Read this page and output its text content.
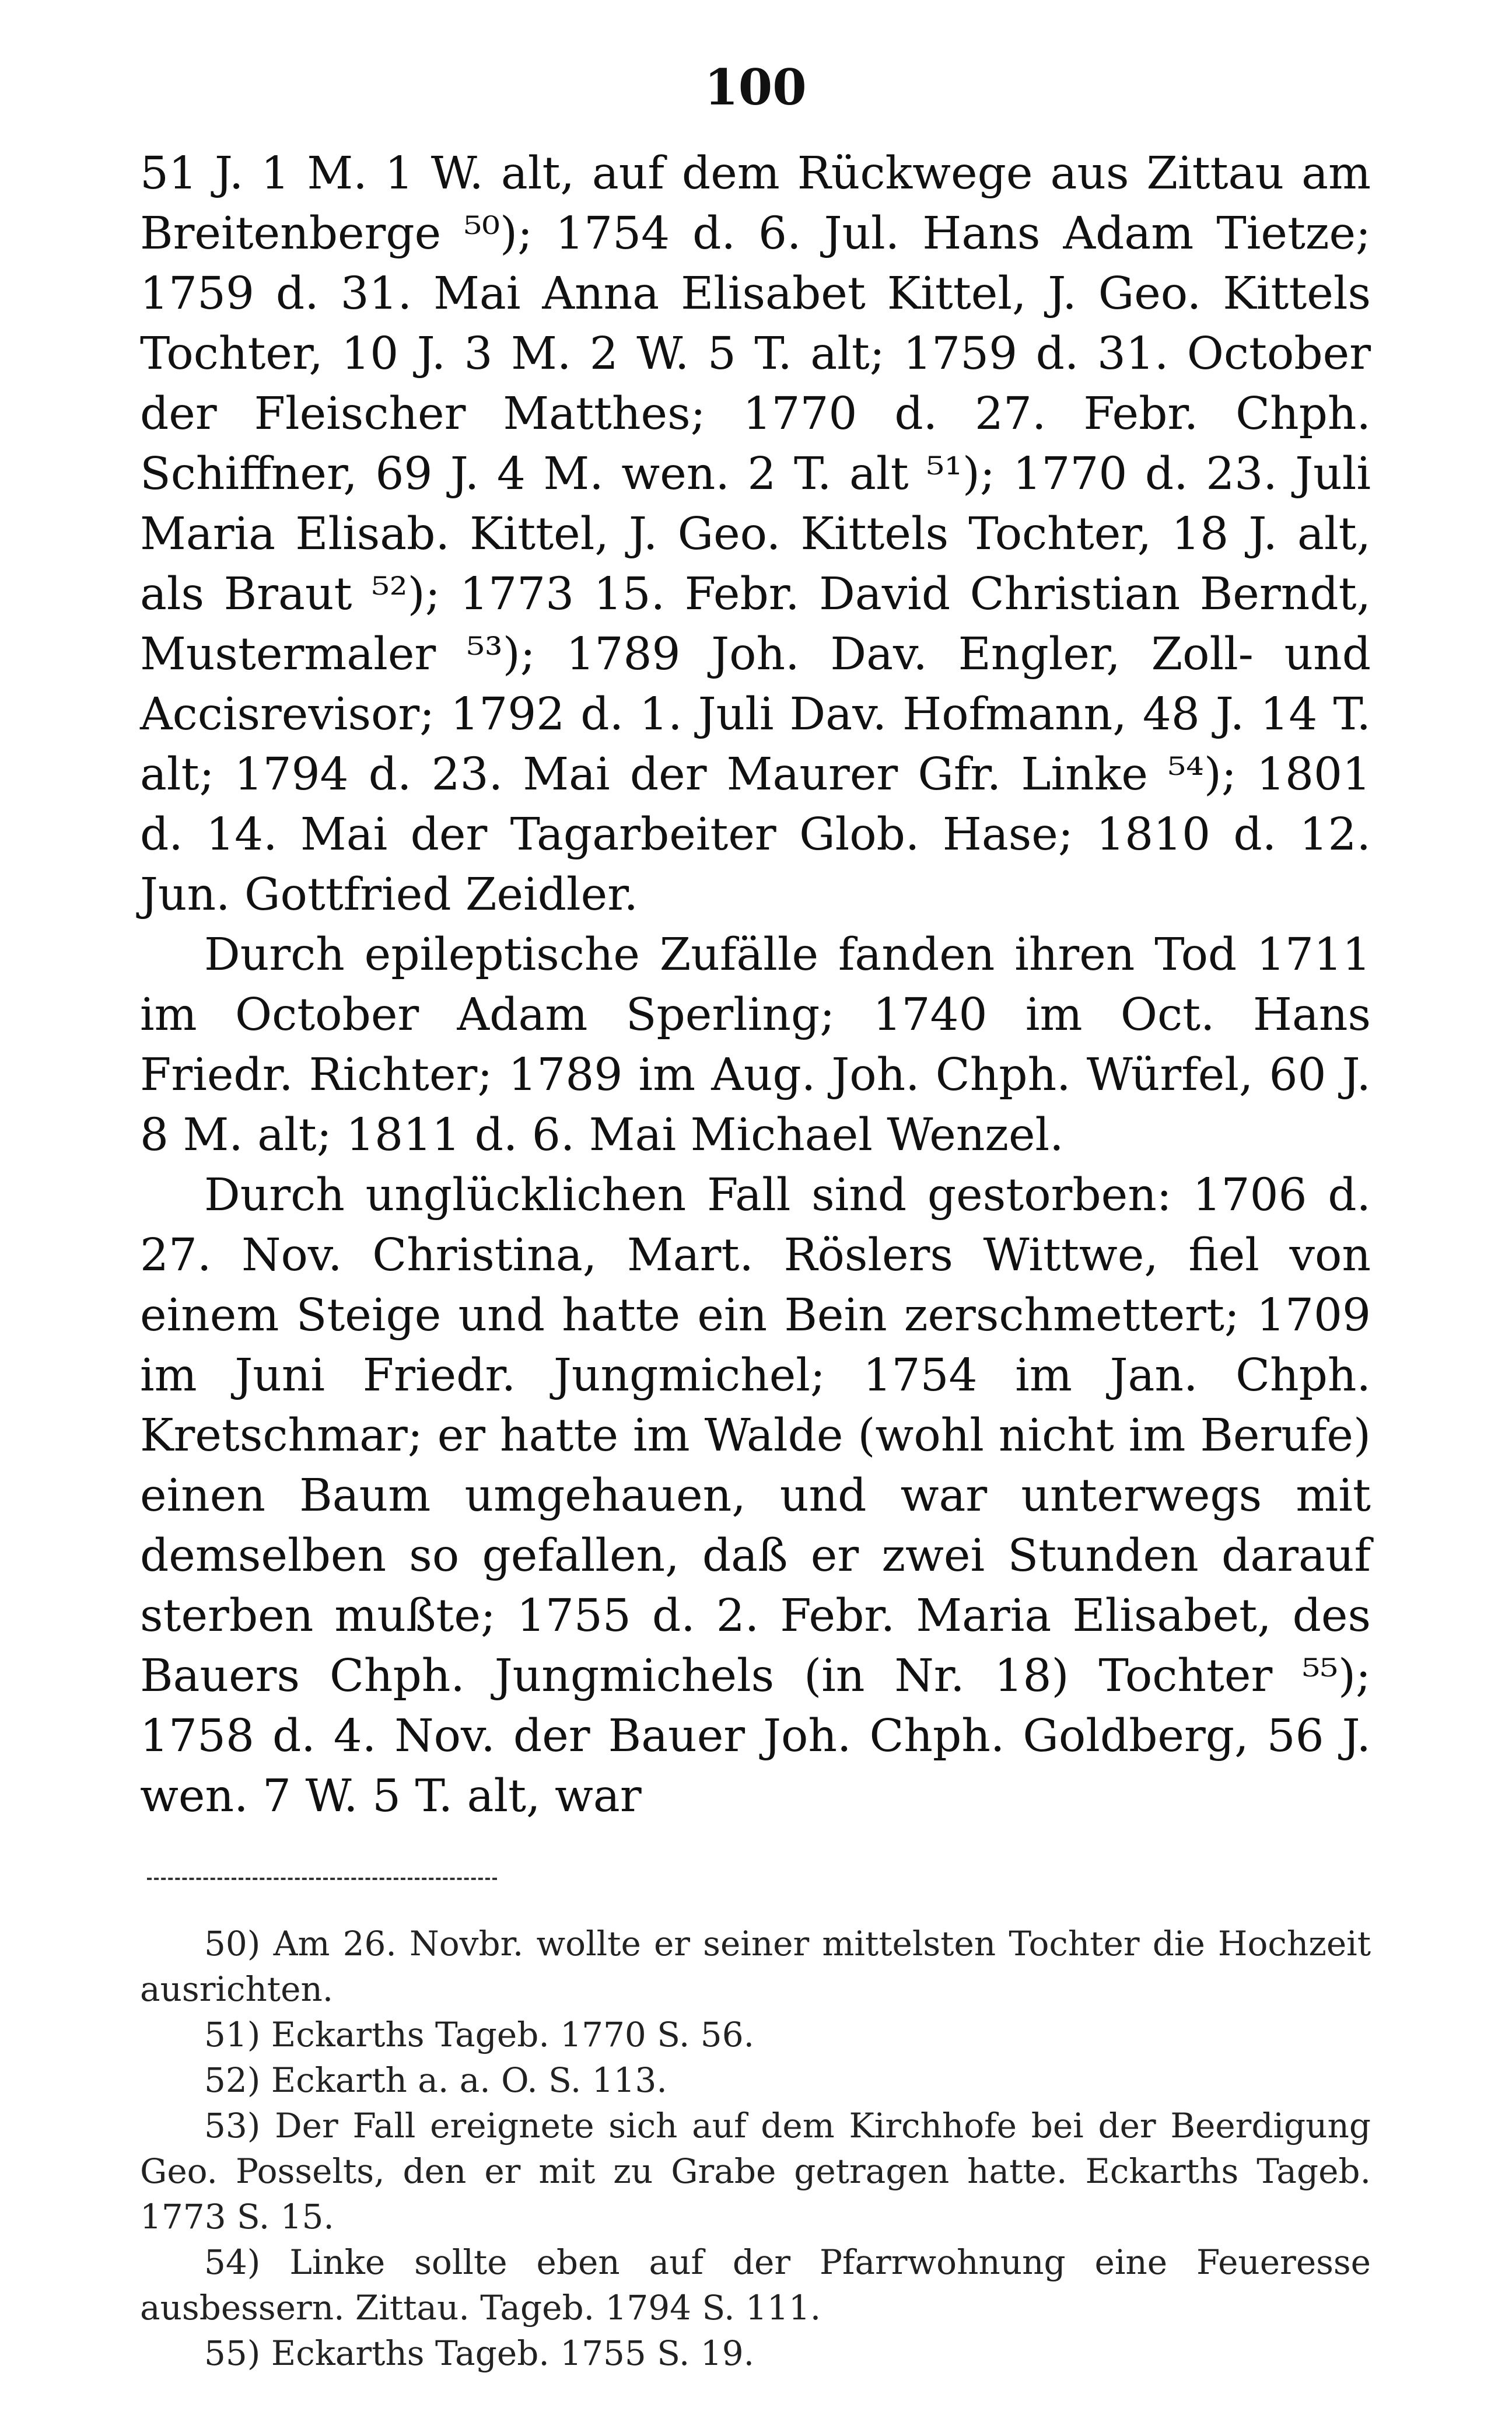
100

51 J. 1 M. 1 W. alt, auf dem Rückwege aus Zittau am Breitenberge ⁵⁰); 1754 d. 6. Jul. Hans Adam Tietze; 1759 d. 31. Mai Anna Elisabet Kittel, J. Geo. Kittels Tochter, 10 J. 3 M. 2 W. 5 T. alt; 1759 d. 31. October der Fleischer Matthes; 1770 d. 27. Febr. Chph. Schiffner, 69 J. 4 M. wen. 2 T. alt ⁵¹); 1770 d. 23. Juli Maria Elisab. Kittel, J. Geo. Kittels Tochter, 18 J. alt, als Braut ⁵²); 1773 15. Febr. David Christian Berndt, Mustermaler ⁵³); 1789 Joh. Dav. Engler, Zoll- und Accisrevisor; 1792 d. 1. Juli Dav. Hofmann, 48 J. 14 T. alt; 1794 d. 23. Mai der Maurer Gfr. Linke ⁵⁴); 1801 d. 14. Mai der Tagarbeiter Glob. Hase; 1810 d. 12. Jun. Gottfried Zeidler.

Durch epileptische Zufälle fanden ihren Tod 1711 im October Adam Sperling; 1740 im Oct. Hans Friedr. Richter; 1789 im Aug. Joh. Chph. Würfel, 60 J. 8 M. alt; 1811 d. 6. Mai Michael Wenzel.

Durch unglücklichen Fall sind gestorben: 1706 d. 27. Nov. Christina, Mart. Röslers Wittwe, fiel von einem Steige und hatte ein Bein zerschmettert; 1709 im Juni Friedr. Jungmichel; 1754 im Jan. Chph. Kretschmar; er hatte im Walde (wohl nicht im Berufe) einen Baum umgehauen, und war unterwegs mit demselben so gefallen, daß er zwei Stunden darauf sterben mußte; 1755 d. 2. Febr. Maria Elisabet, des Bauers Chph. Jungmichels (in Nr. 18) Tochter ⁵⁵); 1758 d. 4. Nov. der Bauer Joh. Chph. Goldberg, 56 J. wen. 7 W. 5 T. alt, war

50) Am 26. Novbr. wollte er seiner mittelsten Tochter die Hochzeit ausrichten.

51) Eckarths Tageb. 1770 S. 56.

52) Eckarth a. a. O. S. 113.

53) Der Fall ereignete sich auf dem Kirchhofe bei der Beerdigung Geo. Posselts, den er mit zu Grabe getragen hatte. Eckarths Tageb. 1773 S. 15.

54) Linke sollte eben auf der Pfarrwohnung eine Feueresse ausbessern. Zittau. Tageb. 1794 S. 111.

55) Eckarths Tageb. 1755 S. 19.
